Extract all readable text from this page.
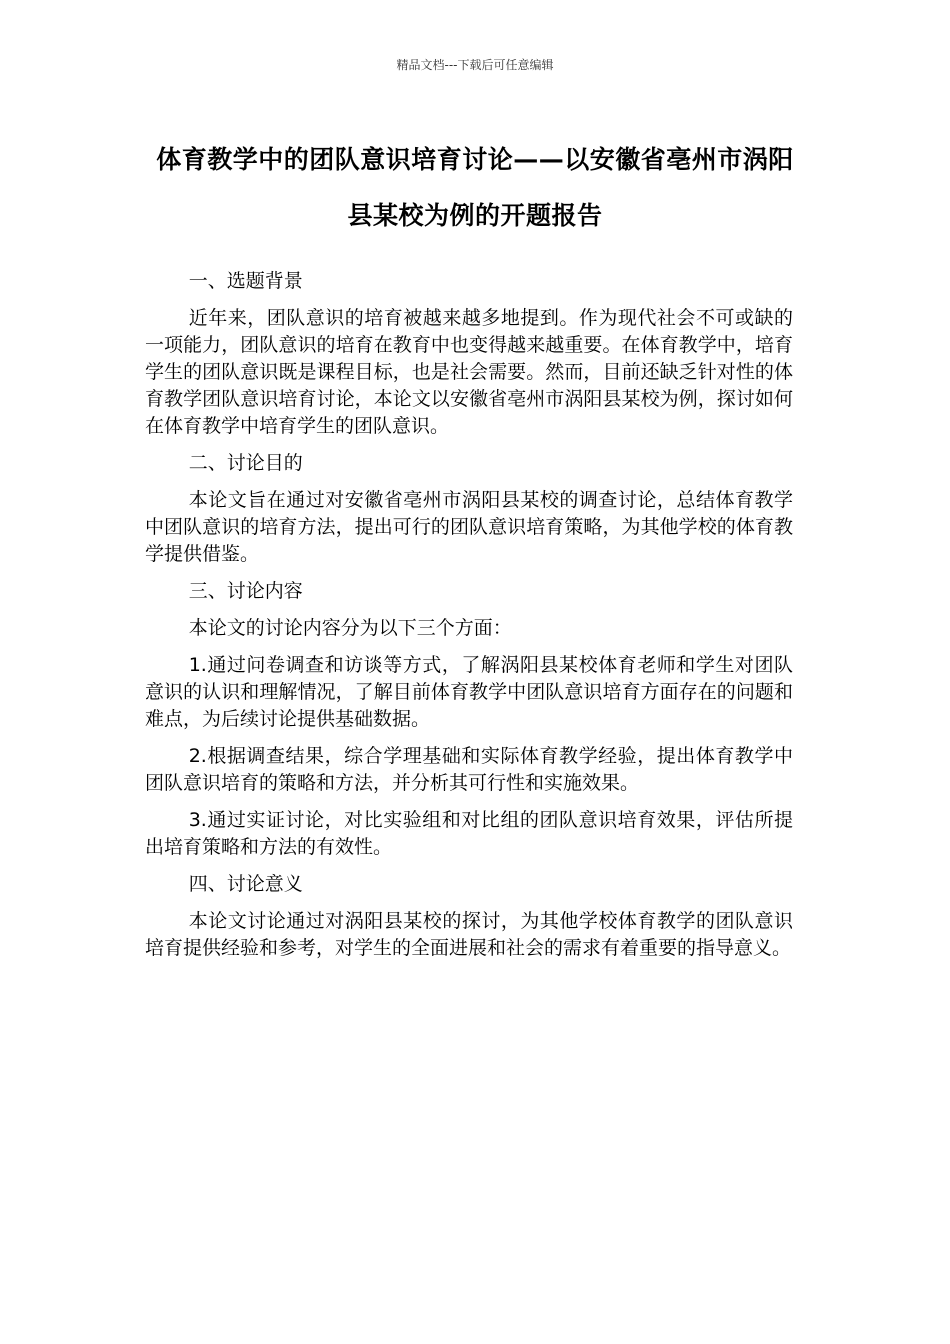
精品文档---下载后可任意编辑
体育教学中的团队意识培育讨论——以安徽省亳州市涡阳县某校为例的开题报告

一、选题背景

近年来，团队意识的培育被越来越多地提到。作为现代社会不可或缺的一项能力，团队意识的培育在教育中也变得越来越重要。在体育教学中，培育学生的团队意识既是课程目标，也是社会需要。然而，目前还缺乏针对性的体育教学团队意识培育讨论，本论文以安徽省亳州市涡阳县某校为例，探讨如何在体育教学中培育学生的团队意识。

二、讨论目的

本论文旨在通过对安徽省亳州市涡阳县某校的调查讨论，总结体育教学中团队意识的培育方法，提出可行的团队意识培育策略，为其他学校的体育教学提供借鉴。

三、讨论内容

本论文的讨论内容分为以下三个方面：

1.通过问卷调查和访谈等方式，了解涡阳县某校体育老师和学生对团队意识的认识和理解情况，了解目前体育教学中团队意识培育方面存在的问题和难点，为后续讨论提供基础数据。

2.根据调查结果，综合学理基础和实际体育教学经验，提出体育教学中团队意识培育的策略和方法，并分析其可行性和实施效果。

3.通过实证讨论，对比实验组和对比组的团队意识培育效果，评估所提出培育策略和方法的有效性。

四、讨论意义

本论文讨论通过对涡阳县某校的探讨，为其他学校体育教学的团队意识培育提供经验和参考，对学生的全面进展和社会的需求有着重要的指导意义。
